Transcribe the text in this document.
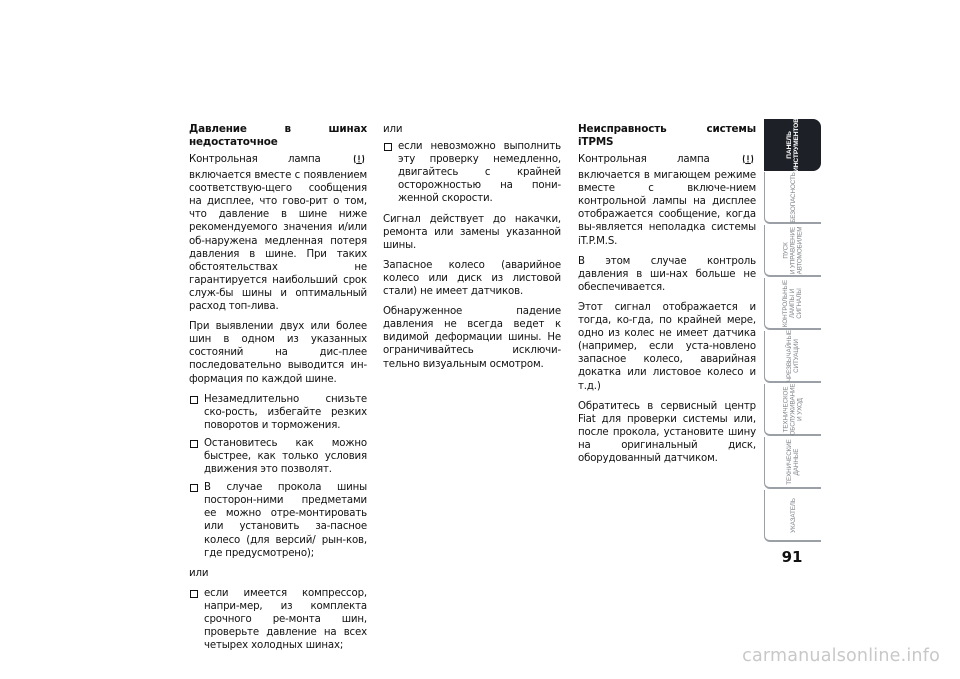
Давление в шинах недостаточное

Контрольная лампа  включается вместе с появлением соответствую-щего сообщения на дисплее, что гово-рит о том, что давление в шине ниже рекомендуемого значения и/или об-наружена медленная потеря давления в шине. При таких обстоятельствах не гарантируется наибольший срок служ-бы шины и оптимальный расход топ-лива.

При выявлении двух или более шин в одном из указанных состояний на дис-плее последовательно выводится ин-формация по каждой шине.

Незамедлительно снизьте ско-рость, избегайте резких поворотов и торможения.
Остановитесь как можно быстрее, как только условия движения это позволят.
В случае прокола шины посторон-ними предметами ее можно отре-монтировать или установить за-пасное колесо (для версий/ рын-ков, где предусмотрено);

или

если имеется компрессор, напри-мер, из комплекта срочного ре-монта шин, проверьте давление на всех четырех холодных шинах;

или

если невозможно выполнить эту проверку немедленно, двигайтесь с крайней осторожностью на пони-женной скорости.

Сигнал действует до накачки, ремонта или замены указанной шины.

Запасное колесо (аварийное колесо или диск из листовой стали) не имеет датчиков.

Обнаруженное падение давления не всегда ведет к видимой деформации шины. Не ограничивайтесь исключи-тельно визуальным осмотром.

Неисправность системы iTPMS

Контрольная лампа  включается в мигающем режиме вместе с включе-нием контрольной лампы на дисплее отображается сообщение, когда вы-является неполадка системы iT.P.M.S.

В этом случае контроль давления в ши-нах больше не обеспечивается.

Этот сигнал отображается и тогда, ко-гда, по крайней мере, одно из колес не имеет датчика (например, если уста-новлено запасное колесо, аварийная докатка или листовое колесо и т.д.)

Обратитесь в сервисный центр Fiat для проверки системы или, после прокола, установите шину на оригинальный диск, оборудованный датчиком.

ПАНЕЛЬ
ИНСТРУМЕНТОВ
БЕЗОПАСНОСТЬ
ПУСК
И УПРАВЛЕНИЕ
АВТОМОБИЛЕМ
КОНТРОЛЬНЫЕ
ЛАМПЫ И
СИГНАЛЫ
ЧРЕЗВЫЧАЙНЫЕ
СИТУАЦИИ
ТЕХНИЧЕСКОЕ
ОБСЛУЖИВАНИЕ
И УХОД
ТЕХНИЧЕСКИЕ
ДАННЫЕ
УКАЗАТЕЛЬ
91
carmanualsonline.info
